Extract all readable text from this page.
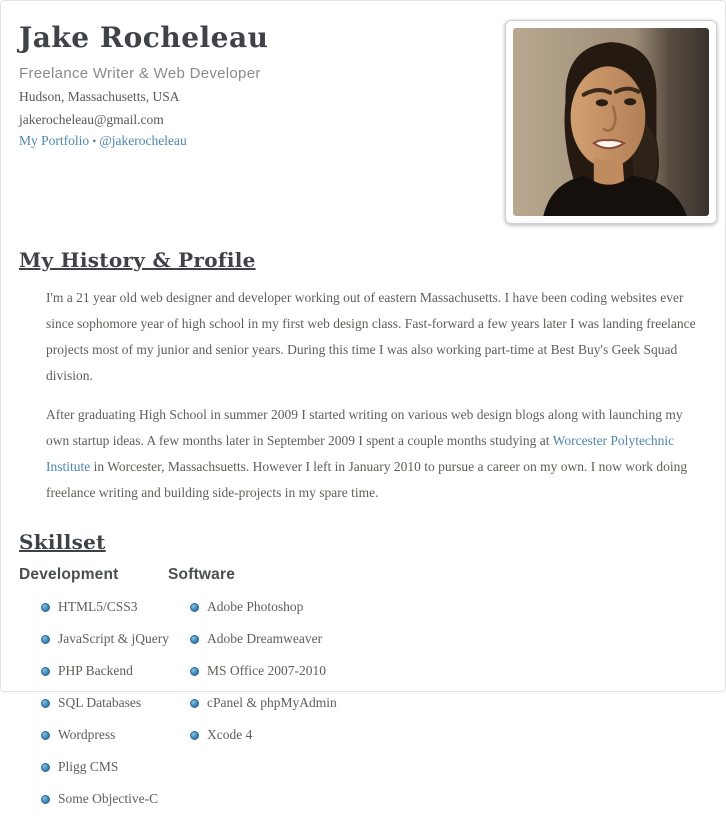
Jake Rocheleau
Freelance Writer & Web Developer
Hudson, Massachusetts, USA
jakerocheleau@gmail.com
My Portfolio • @jakerocheleau
My History & Profile

I'm a 21 year old web designer and developer working out of eastern Massachusetts. I have been coding websites ever since sophomore year of high school in my first web design class. Fast-forward a few years later I was landing freelance projects most of my junior and senior years. During this time I was also working part-time at Best Buy's Geek Squad division.

After graduating High School in summer 2009 I started writing on various web design blogs along with launching my own startup ideas. A few months later in September 2009 I spent a couple months studying at Worcester Polytechnic Institute in Worcester, Massachsuetts. However I left in January 2010 to pursue a career on my own. I now work doing freelance writing and building side-projects in my spare time.

Skillset
Development
HTML5/CSS3
JavaScript & jQuery
PHP Backend
SQL Databases
Wordpress
Pligg CMS
Some Objective-C
Software
Adobe Photoshop
Adobe Dreamweaver
MS Office 2007-2010
cPanel & phpMyAdmin
Xcode 4
